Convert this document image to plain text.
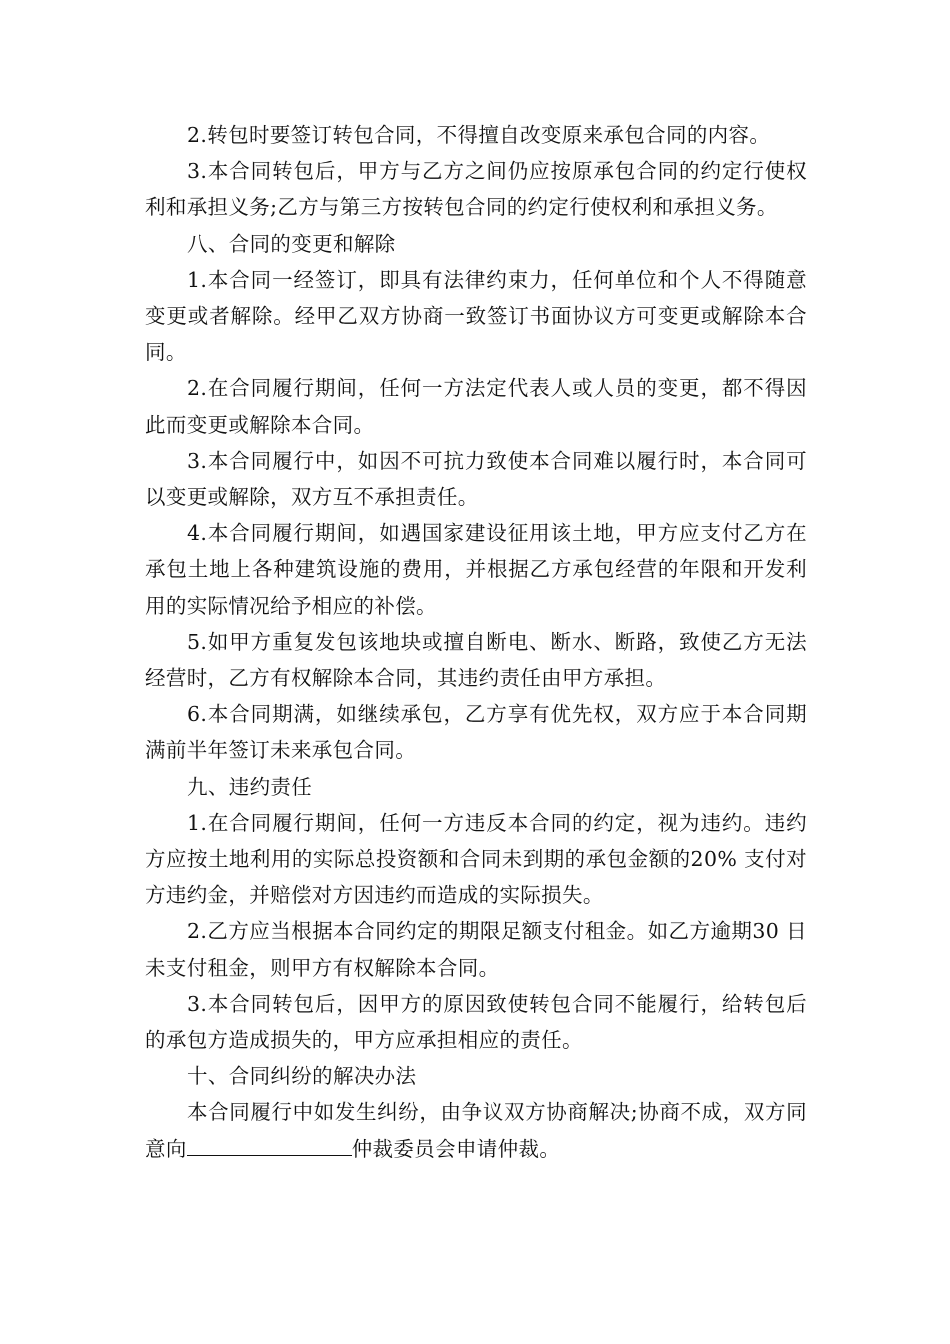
2.转包时要签订转包合同，不得擅自改变原来承包合同的内容。

3.本合同转包后，甲方与乙方之间仍应按原承包合同的约定行使权利和承担义务;乙方与第三方按转包合同的约定行使权利和承担义务。

八、合同的变更和解除

1.本合同一经签订，即具有法律约束力，任何单位和个人不得随意变更或者解除。经甲乙双方协商一致签订书面协议方可变更或解除本合同。

2.在合同履行期间，任何一方法定代表人或人员的变更，都不得因此而变更或解除本合同。

3.本合同履行中，如因不可抗力致使本合同难以履行时，本合同可以变更或解除，双方互不承担责任。

4.本合同履行期间，如遇国家建设征用该土地，甲方应支付乙方在承包土地上各种建筑设施的费用，并根据乙方承包经营的年限和开发利用的实际情况给予相应的补偿。

5.如甲方重复发包该地块或擅自断电、断水、断路，致使乙方无法经营时，乙方有权解除本合同，其违约责任由甲方承担。

6.本合同期满，如继续承包，乙方享有优先权，双方应于本合同期满前半年签订未来承包合同。

九、违约责任

1.在合同履行期间，任何一方违反本合同的约定，视为违约。违约方应按土地利用的实际总投资额和合同未到期的承包金额的20% 支付对方违约金，并赔偿对方因违约而造成的实际损失。

2.乙方应当根据本合同约定的期限足额支付租金。如乙方逾期30 日未支付租金，则甲方有权解除本合同。

3.本合同转包后，因甲方的原因致使转包合同不能履行，给转包后的承包方造成损失的，甲方应承担相应的责任。

十、合同纠纷的解决办法

本合同履行中如发生纠纷，由争议双方协商解决;协商不成，双方同意向	仲裁委员会申请仲裁。
